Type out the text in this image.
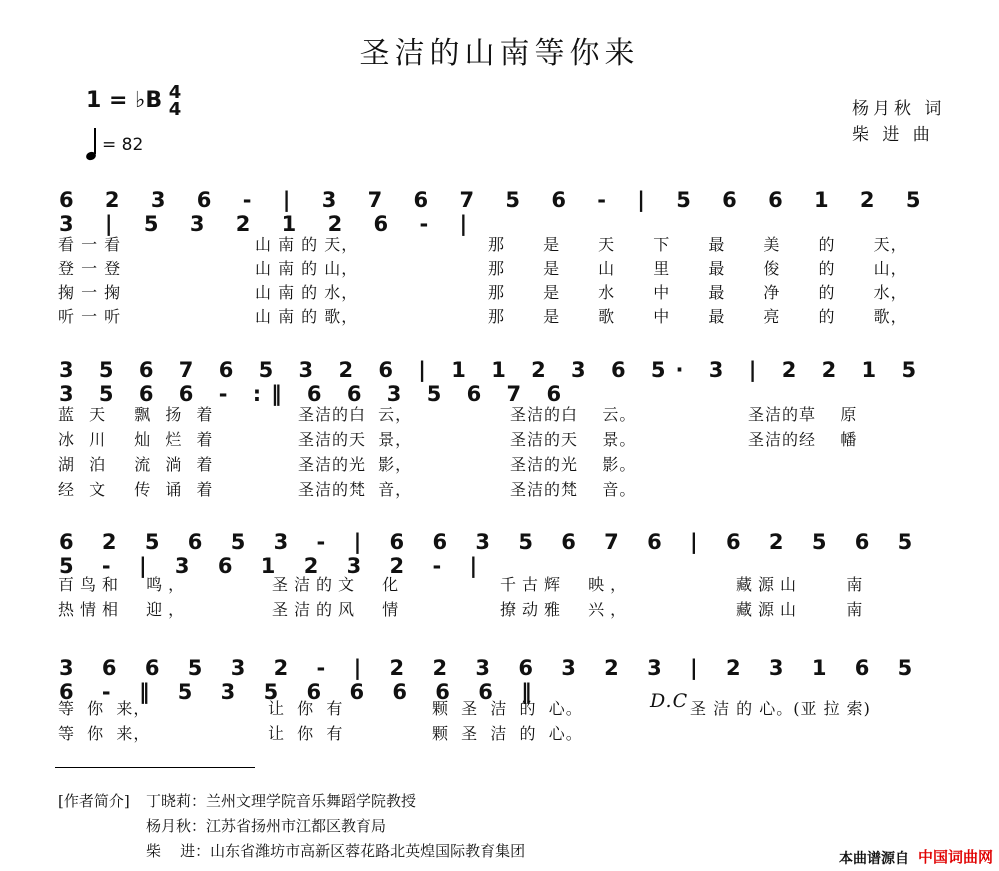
圣洁的山南等你来
1 = ♭B 4
4
= 82
杨月秋 词
柴 进 曲
6 2 3 6 - | 3 7 6 7 5 6 - | 5 6 6 1 2 5 3 | 5 3 2 1 2 6 - |
看 一 看	山 南 的 天，	那 是 天 下 最 美 的 天，
登 一 登	山 南 的 山，	那 是 山 里 最 俊 的 山，
掬 一 掬	山 南 的 水，	那 是 水 中 最 净 的 水，
听 一 听	山 南 的 歌，	那 是 歌 中 最 亮 的 歌，
3 5 6 7 6 5 3 2 6 | 1 1 2 3 6 5· 3 | 2 2 1 5 3 5 6 6 - :‖ 6 6 3 5 6 7 6
蓝 天  飘 扬 着	圣洁的白  云，	圣洁的白    云。	圣洁的草    原
冰 川  灿 烂 着	圣洁的天  景，	圣洁的天    景。	圣洁的经    幡
湖 泊  流 淌 着	圣洁的光  影，	圣洁的光    影。
经 文  传 诵 着	圣洁的梵  音，	圣洁的梵    音。
6 2 5 6 5 3 - | 6 6 3 5 6 7 6 | 6 2 5 6 5 5 - | 3 6 1 2 3 2 - |
百鸟和  鸣，	圣洁的文  化	千古辉  映，	藏源山    南
热情相  迎，	圣洁的风  情	撩动雅  兴，	藏源山    南
3 6 6 5 3 2 - | 2 2 3 6 3 2 3 | 2 3 1 6 5 6 - ‖ 5 3 5 6 6 6 6 6 ‖
等  你  来，	让  你  有	颗  圣  洁  的  心。	D.C 圣 洁 的 心。(亚 拉 索)
等  你  来，	让  你  有	颗  圣  洁  的  心。
[作者简介] 丁晓莉：兰州文理学院音乐舞蹈学院教授
杨月秋：江苏省扬州市江都区教育局
柴    进：山东省潍坊市高新区蓉花路北英煌国际教育集团	本曲谱源自 中国词曲网
